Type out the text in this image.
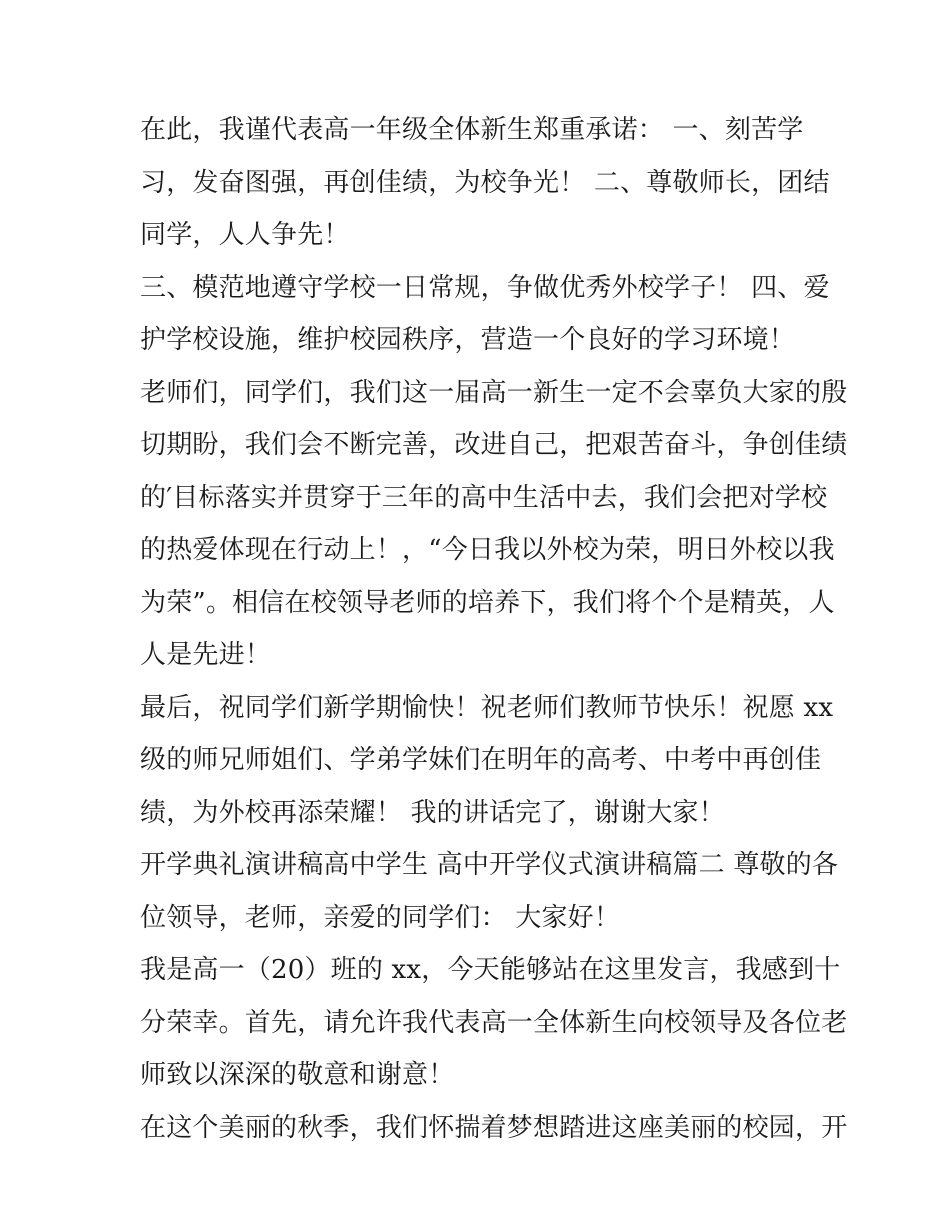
在此，我谨代表高一年级全体新生郑重承诺： 一、刻苦学
习，发奋图强，再创佳绩，为校争光！ 二、尊敬师长，团结
同学，人人争先！
三、模范地遵守学校一日常规，争做优秀外校学子！ 四、爱
护学校设施，维护校园秩序，营造一个良好的学习环境！
老师们，同学们，我们这一届高一新生一定不会辜负大家的殷
切期盼，我们会不断完善，改进自己，把艰苦奋斗，争创佳绩
的′目标落实并贯穿于三年的高中生活中去，我们会把对学校
的热爱体现在行动上！，“今日我以外校为荣，明日外校以我
为荣”。相信在校领导老师的培养下，我们将个个是精英，人
人是先进！
最后，祝同学们新学期愉快！祝老师们教师节快乐！祝愿 xx
级的师兄师姐们、学弟学妹们在明年的高考、中考中再创佳
绩，为外校再添荣耀！ 我的讲话完了，谢谢大家！
开学典礼演讲稿高中学生 高中开学仪式演讲稿篇二 尊敬的各
位领导，老师，亲爱的同学们： 大家好！
我是高一（20）班的 xx，今天能够站在这里发言，我感到十
分荣幸。首先，请允许我代表高一全体新生向校领导及各位老
师致以深深的敬意和谢意！
在这个美丽的秋季，我们怀揣着梦想踏进这座美丽的校园，开
